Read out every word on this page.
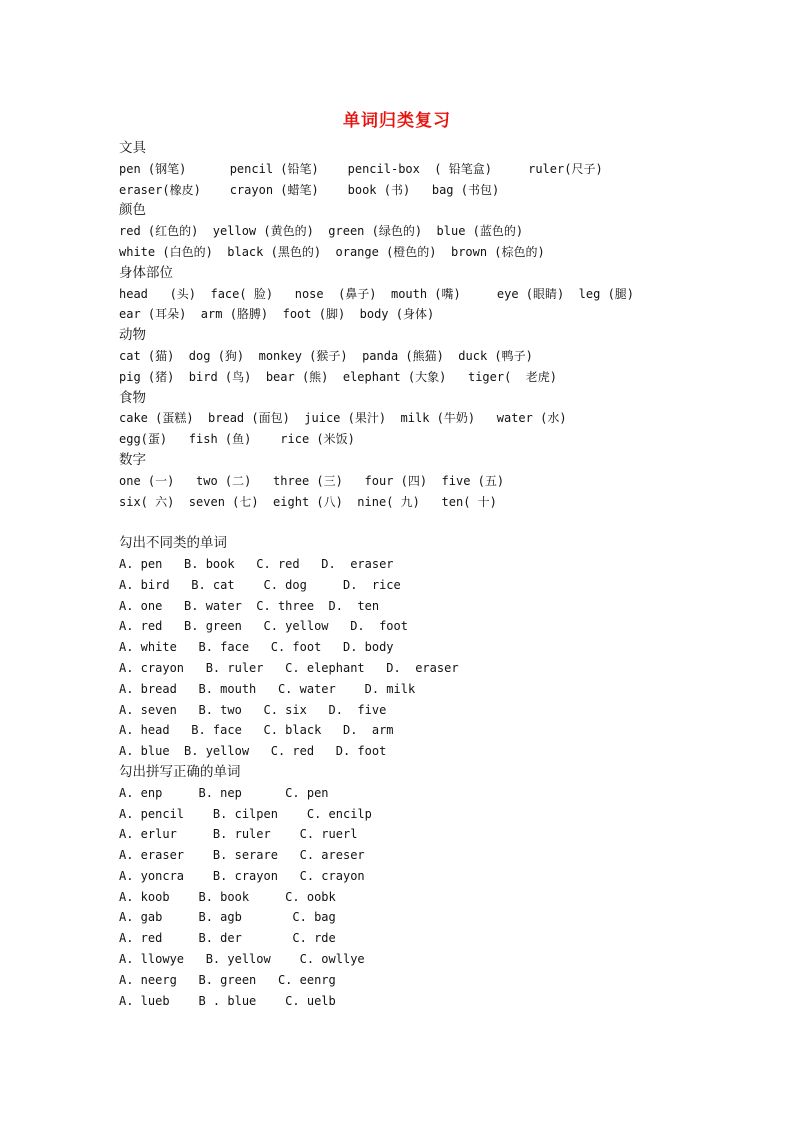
单词归类复习
文具
pen (钢笔)      pencil (铅笔)    pencil-box  ( 铅笔盒)     ruler(尺子)
eraser(橡皮)    crayon (蜡笔)    book (书)   bag (书包)
颜色
red (红色的)  yellow (黄色的)  green (绿色的)  blue (蓝色的)
white (白色的)  black (黑色的)  orange (橙色的)  brown (棕色的)
身体部位
head   (头)  face( 脸)   nose  (鼻子)  mouth (嘴)     eye (眼睛)  leg (腿)
ear (耳朵)  arm (胳膊)  foot (脚)  body (身体)
动物
cat (猫)  dog (狗)  monkey (猴子)  panda (熊猫)  duck (鸭子)
pig (猪)  bird (鸟)  bear (熊)  elephant (大象)   tiger(  老虎)
食物
cake (蛋糕)  bread (面包)  juice (果汁)  milk (牛奶)   water (水)
egg(蛋)   fish (鱼)    rice (米饭)
数字
one (一)   two (二)   three (三)   four (四)  five (五)
six( 六)  seven (七)  eight (八)  nine( 九)   ten( 十)
勾出不同类的单词
A. pen   B. book   C. red   D.  eraser
A. bird   B. cat    C. dog     D.  rice
A. one   B. water  C. three  D.  ten
A. red   B. green   C. yellow   D.  foot
A. white   B. face   C. foot   D. body
A. crayon   B. ruler   C. elephant   D.  eraser
A. bread   B. mouth   C. water    D. milk
A. seven   B. two   C. six   D.  five
A. head   B. face   C. black   D.  arm
A. blue  B. yellow   C. red   D. foot
勾出拼写正确的单词
A. enp     B. nep      C. pen
A. pencil    B. cilpen    C. encilp
A. erlur     B. ruler    C. ruerl
A. eraser    B. serare   C. areser
A. yoncra    B. crayon   C. crayon
A. koob    B. book     C. oobk
A. gab     B. agb       C. bag
A. red     B. der       C. rde
A. llowye   B. yellow    C. owllye
A. neerg   B. green   C. eenrg
A. lueb    B . blue    C. uelb
